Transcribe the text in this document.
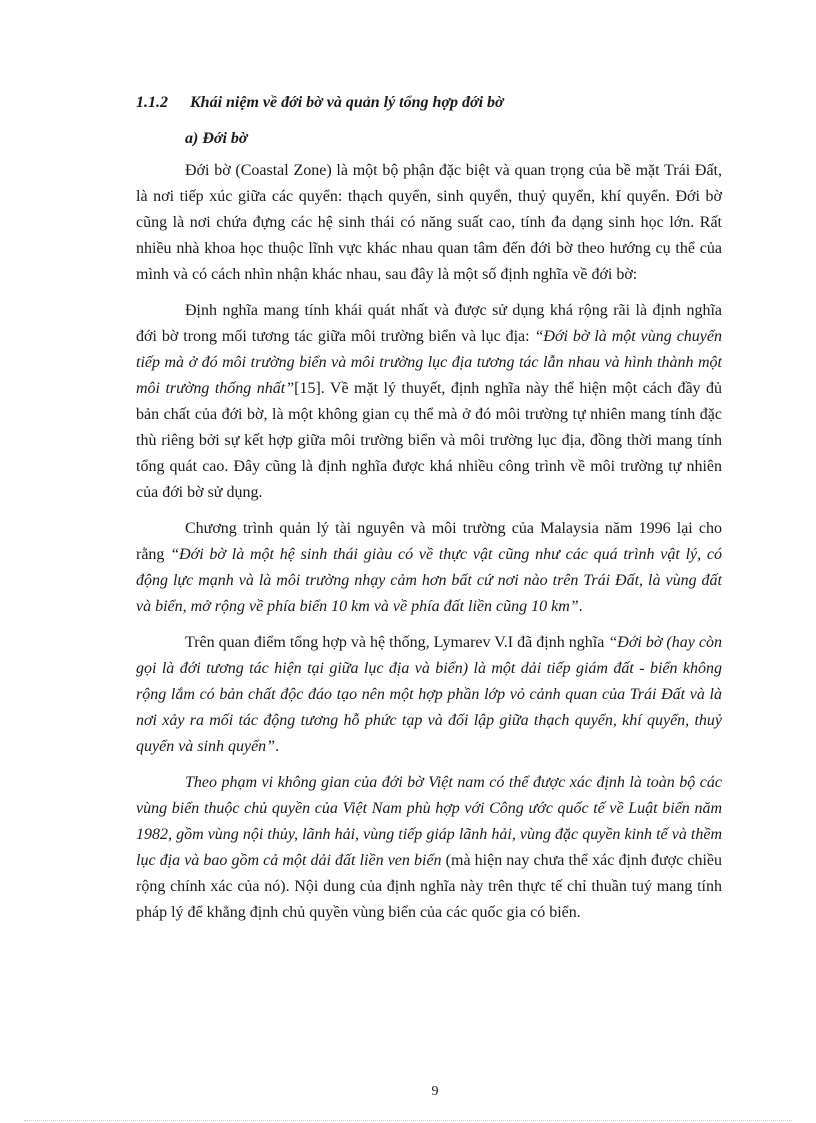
1.1.2 Khái niệm về đới bờ và quản lý tổng hợp đới bờ
a) Đới bờ

Đới bờ (Coastal Zone) là một bộ phận đặc biệt và quan trọng của bề mặt Trái Đất, là nơi tiếp xúc giữa các quyển: thạch quyển, sinh quyển, thuỷ quyển, khí quyển. Đới bờ cũng là nơi chứa đựng các hệ sinh thái có năng suất cao, tính đa dạng sinh học lớn. Rất nhiều nhà khoa học thuộc lĩnh vực khác nhau quan tâm đến đới bờ theo hướng cụ thể của mình và có cách nhìn nhận khác nhau, sau đây là một số định nghĩa về đới bờ:

Định nghĩa mang tính khái quát nhất và được sử dụng khá rộng rãi là định nghĩa đới bờ trong mối tương tác giữa môi trường biển và lục địa: “Đới bờ là một vùng chuyển tiếp mà ở đó môi trường biển và môi trường lục địa tương tác lẫn nhau và hình thành một môi trường thống nhất”[15]. Về mặt lý thuyết, định nghĩa này thể hiện một cách đầy đủ bản chất của đới bờ, là một không gian cụ thể mà ở đó môi trường tự nhiên mang tính đặc thù riêng bởi sự kết hợp giữa môi trường biển và môi trường lục địa, đồng thời mang tính tổng quát cao. Đây cũng là định nghĩa được khá nhiều công trình về môi trường tự nhiên của đới bờ sử dụng.

Chương trình quản lý tài nguyên và môi trường của Malaysia năm 1996 lại cho rằng “Đới bờ là một hệ sinh thái giàu có về thực vật cũng như các quá trình vật lý, có động lực mạnh và là môi trường nhạy cảm hơn bất cứ nơi nào trên Trái Đất, là vùng đất và biển, mở rộng về phía biển 10 km và về phía đất liền cũng 10 km”.

Trên quan điểm tổng hợp và hệ thống, Lymarev V.I đã định nghĩa “Đới bờ (hay còn gọi là đới tương tác hiện tại giữa lục địa và biển) là một dải tiếp giám đất - biển không rộng lắm có bản chất độc đáo tạo nên một hợp phần lớp vỏ cảnh quan của Trái Đất và là nơi xảy ra mối tác động tương hỗ phức tạp và đối lập giữa thạch quyển, khí quyển, thuỷ quyển và sinh quyển”.

Theo phạm vi không gian của đới bờ Việt nam có thể được xác định là toàn bộ các vùng biển thuộc chủ quyền của Việt Nam phù hợp với Công ước quốc tế về Luật biển năm 1982, gồm vùng nội thủy, lãnh hải, vùng tiếp giáp lãnh hải, vùng đặc quyền kinh tế và thềm lục địa và bao gồm cả một dải đất liền ven biển (mà hiện nay chưa thể xác định được chiều rộng chính xác của nó). Nội dung của định nghĩa này trên thực tế chỉ thuần tuý mang tính pháp lý để khẳng định chủ quyền vùng biển của các quốc gia có biển.

9
